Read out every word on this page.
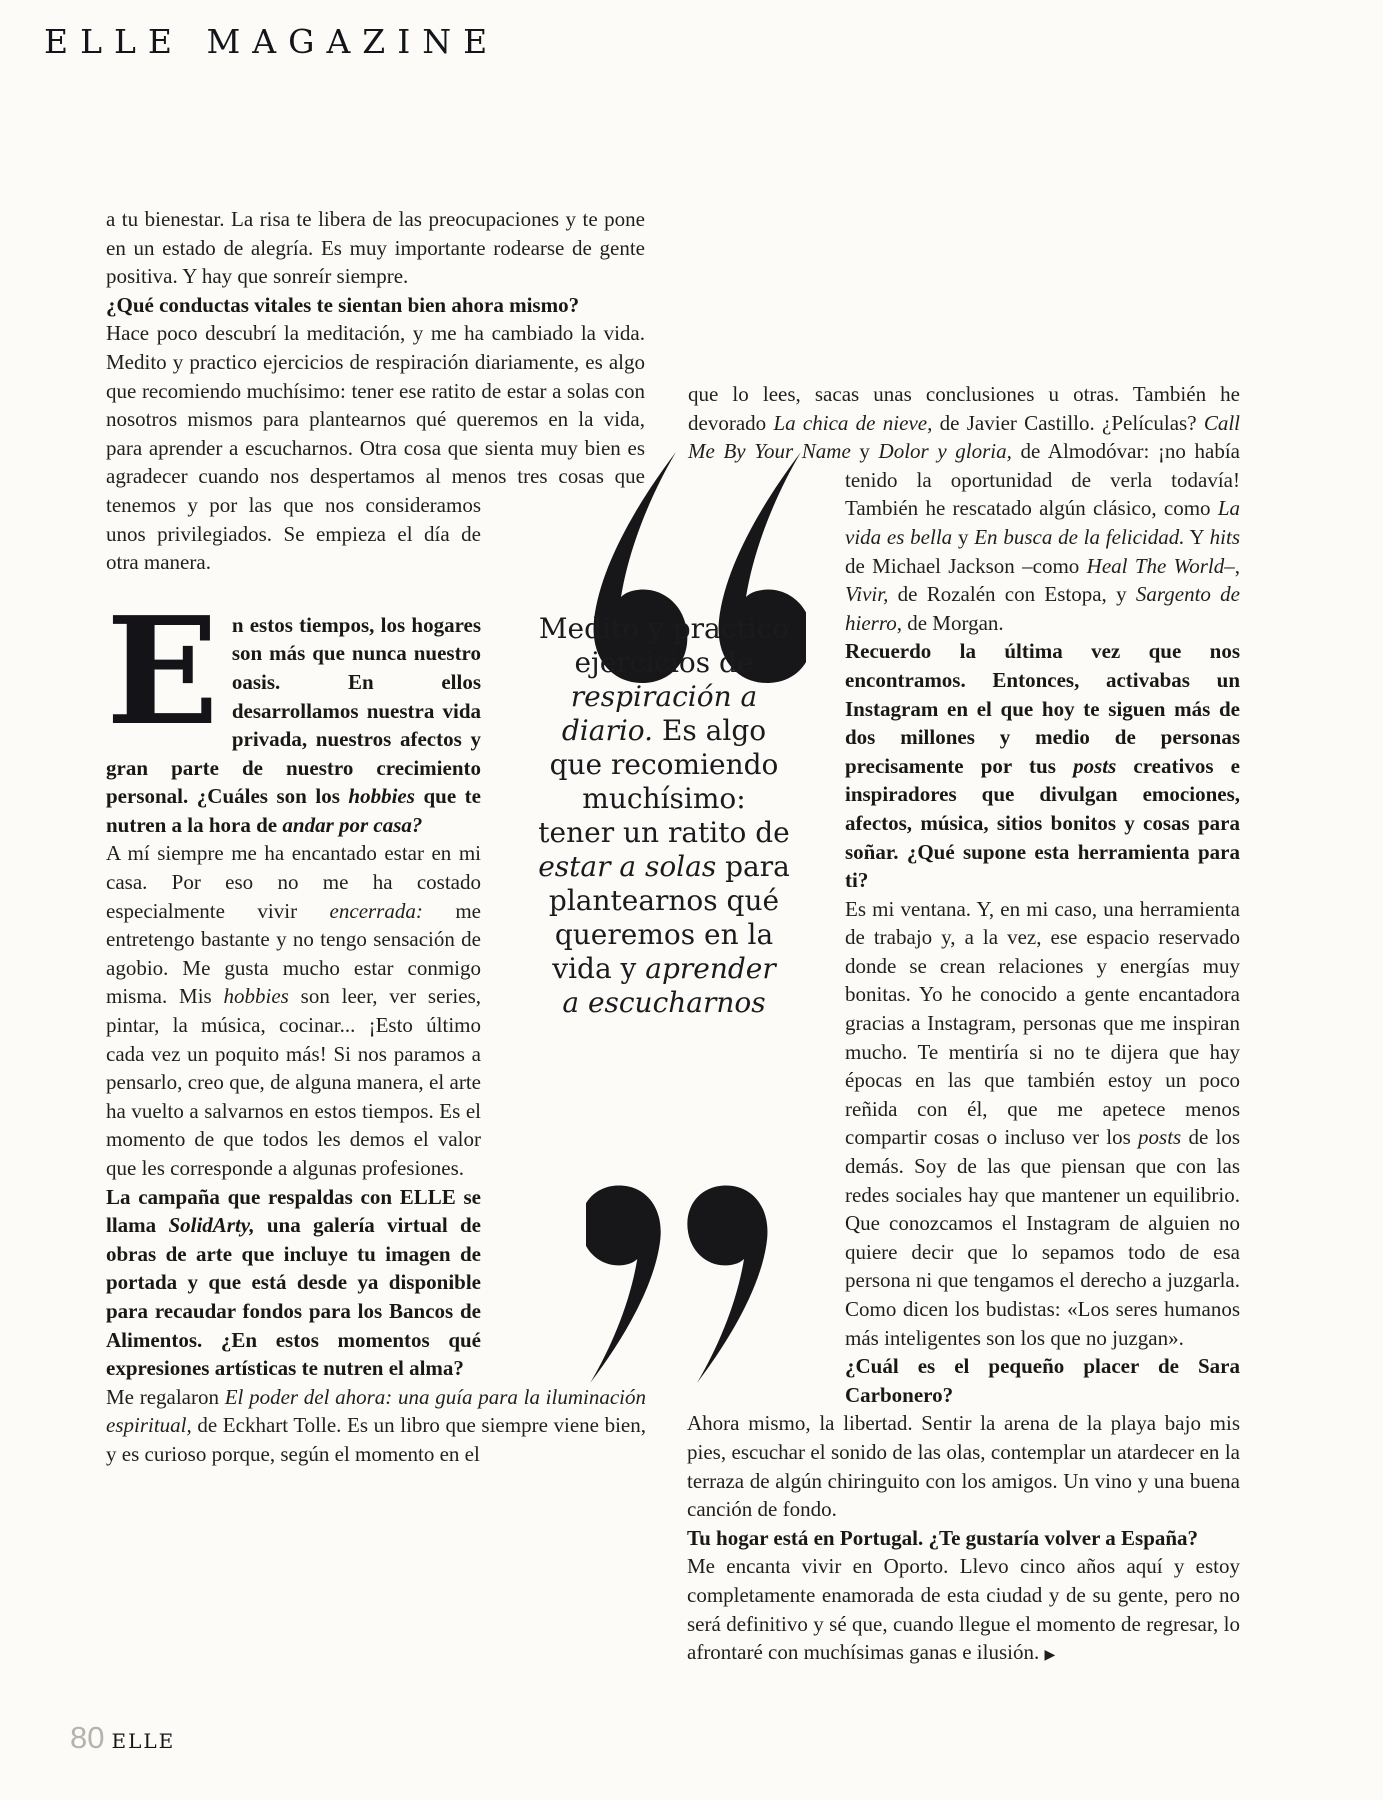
ELLE MAGAZINE

a tu bienestar. La risa te libera de las preocupaciones y te pone en un estado de alegría. Es muy importante rodearse de gente positiva. Y hay que sonreír siempre.

¿Qué conductas vitales te sientan bien ahora mismo?

Hace poco descubrí la meditación, y me ha cambiado la vida. Medito y practico ejercicios de respiración diariamente, es algo que recomiendo muchísimo: tener ese ratito de estar a solas con nosotros mismos para plantearnos qué queremos en la vida, para aprender a escucharnos. Otra cosa que sienta muy bien es agradecer cuando nos despertamos al menos tres cosas que tenemos y por las que nos consideramos unos privilegiados. Se empieza el día de otra manera.

En estos tiempos, los hogares son más que nunca nuestro oasis. En ellos desarrollamos nuestra vida privada, nuestros afectos y gran parte de nuestro crecimiento personal. ¿Cuáles son los hobbies que te nutren a la hora de andar por casa?

A mí siempre me ha encantado estar en mi casa. Por eso no me ha costado especialmente vivir encerrada: me entretengo bastante y no tengo sensación de agobio. Me gusta mucho estar conmigo misma. Mis hobbies son leer, ver series, pintar, la música, cocinar... ¡Esto último cada vez un poquito más! Si nos paramos a pensarlo, creo que, de alguna manera, el arte ha vuelto a salvarnos en estos tiempos. Es el momento de que todos les demos el valor que les corresponde a algunas profesiones.

La campaña que respaldas con ELLE se llama SolidArty, una galería virtual de obras de arte que incluye tu imagen de portada y que está desde ya disponible para recaudar fondos para los Bancos de Alimentos. ¿En estos momentos qué expresiones artísticas te nutren el alma?

Me regalaron El poder del ahora: una guía para la iluminación espiritual, de Eckhart Tolle. Es un libro que siempre viene bien, y es curioso porque, según el momento en el

Medito y practico
ejercicios de
respiración a
diario. Es algo
que recomiendo
muchísimo:
tener un ratito de
estar a solas para
plantearnos qué
queremos en la
vida y aprender
a escucharnos

que lo lees, sacas unas conclusiones u otras. También he devorado La chica de nieve, de Javier Castillo. ¿Películas? Call Me By Your Name y Dolor y gloria, de Almodóvar: ¡no había tenido la oportunidad de verla todavía! También he rescatado algún clásico, como La vida es bella y En busca de la felicidad. Y hits de Michael Jackson –como Heal The World–, Vivir, de Rozalén con Estopa, y Sargento de hierro, de Morgan.

Recuerdo la última vez que nos encontramos. Entonces, activabas un Instagram en el que hoy te siguen más de dos millones y medio de personas precisamente por tus posts creativos e inspiradores que divulgan emociones, afectos, música, sitios bonitos y cosas para soñar. ¿Qué supone esta herramienta para ti?

Es mi ventana. Y, en mi caso, una herramienta de trabajo y, a la vez, ese espacio reservado donde se crean relaciones y energías muy bonitas. Yo he conocido a gente encantadora gracias a Instagram, personas que me inspiran mucho. Te mentiría si no te dijera que hay épocas en las que también estoy un poco reñida con él, que me apetece menos compartir cosas o incluso ver los posts de los demás. Soy de las que piensan que con las redes sociales hay que mantener un equilibrio. Que conozcamos el Instagram de alguien no quiere decir que lo sepamos todo de esa persona ni que tengamos el derecho a juzgarla. Como dicen los budistas: «Los seres humanos más inteligentes son los que no juzgan».

¿Cuál es el pequeño placer de Sara Carbonero?

Ahora mismo, la libertad. Sentir la arena de la playa bajo mis pies, escuchar el sonido de las olas, contemplar un atardecer en la terraza de algún chiringuito con los amigos. Un vino y una buena canción de fondo.

Tu hogar está en Portugal. ¿Te gustaría volver a España?

Me encanta vivir en Oporto. Llevo cinco años aquí y estoy completamente enamorada de esta ciudad y de su gente, pero no será definitivo y sé que, cuando llegue el momento de regresar, lo afrontaré con muchísimas ganas e ilusión. ▶

80 ELLE
